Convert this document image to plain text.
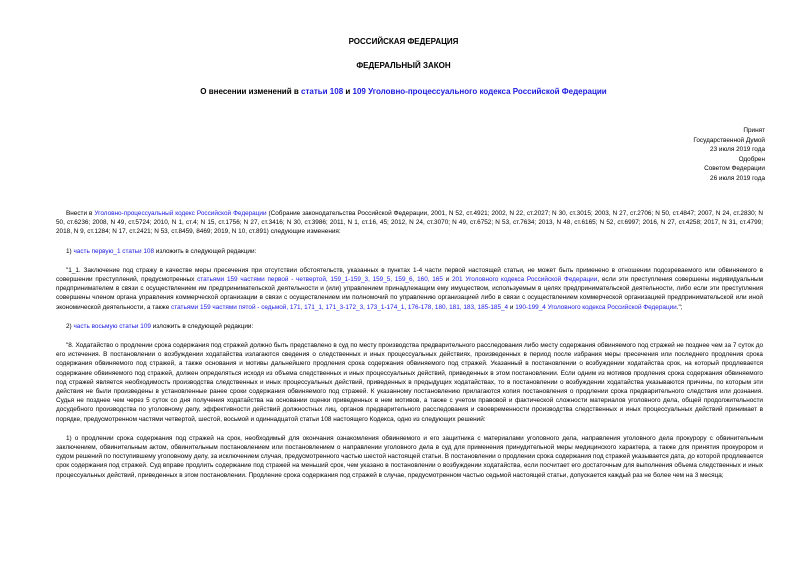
РОССИЙСКАЯ ФЕДЕРАЦИЯ
ФЕДЕРАЛЬНЫЙ ЗАКОН
О внесении изменений в статьи 108 и 109 Уголовно-процессуального кодекса Российской Федерации
Принят
Государственной Думой
23 июля 2019 года
Одобрен
Советом Федерации
26 июля 2019 года

Внести в Уголовно-процессуальный кодекс Российской Федерации (Собрание законодательства Российской Федерации, 2001, N 52, ст.4921; 2002, N 22, ст.2027; N 30, ст.3015; 2003, N 27, ст.2706; N 50, ст.4847; 2007, N 24, ст.2830; N 50, ст.6236; 2008, N 49, ст.5724; 2010, N 1, ст.4; N 15, ст.1756; N 27, ст.3416; N 30, ст.3986; 2011, N 1, ст.16, 45; 2012, N 24, ст.3070; N 49, ст.6752; N 53, ст.7634; 2013, N 48, ст.6165; N 52, ст.6997; 2016, N 27, ст.4258; 2017, N 31, ст.4799; 2018, N 9, ст.1284; N 17, ст.2421; N 53, ст.8459, 8469; 2019, N 10, ст.891) следующие изменения:

1) часть первую_1 статьи 108 изложить в следующей редакции:

"1_1. Заключение под стражу в качестве меры пресечения при отсутствии обстоятельств, указанных в пунктах 1-4 части первой настоящей статьи, не может быть применено в отношении подозреваемого или обвиняемого в совершении преступлений, предусмотренных статьями 159 частями первой - четвертой, 159_1-159_3, 159_5, 159_6, 160, 165 и 201 Уголовного кодекса Российской Федерации, если эти преступления совершены индивидуальным предпринимателем в связи с осуществлением им предпринимательской деятельности и (или) управлением принадлежащим ему имуществом, используемым в целях предпринимательской деятельности, либо если эти преступления совершены членом органа управления коммерческой организации в связи с осуществлением им полномочий по управлению организацией либо в связи с осуществлением коммерческой организацией предпринимательской или иной экономической деятельности, а также статьями 159 частями пятой - седьмой, 171, 171_1, 171_3-172_3, 173_1-174_1, 176-178, 180, 181, 183, 185-185_4 и 190-199_4 Уголовного кодекса Российской Федерации.";

2) часть восьмую статьи 109 изложить в следующей редакции:

"8. Ходатайство о продлении срока содержания под стражей должно быть представлено в суд по месту производства предварительного расследования либо месту содержания обвиняемого под стражей не позднее чем за 7 суток до его истечения. В постановлении о возбуждении ходатайства излагаются сведения о следственных и иных процессуальных действиях, произведенных в период после избрания меры пресечения или последнего продления срока содержания обвиняемого под стражей, а также основания и мотивы дальнейшего продления срока содержания обвиняемого под стражей. Указанный в постановлении о возбуждении ходатайства срок, на который продлевается содержание обвиняемого под стражей, должен определяться исходя из объема следственных и иных процессуальных действий, приведенных в этом постановлении. Если одним из мотивов продления срока содержания обвиняемого под стражей является необходимость производства следственных и иных процессуальных действий, приведенных в предыдущих ходатайствах, то в постановлении о возбуждении ходатайства указываются причины, по которым эти действия не были произведены в установленные ранее сроки содержания обвиняемого под стражей. К указанному постановлению прилагаются копия постановления о продлении срока предварительного следствия или дознания. Судья не позднее чем через 5 суток со дня получения ходатайства на основании оценки приведенных в нем мотивов, а также с учетом правовой и фактической сложности материалов уголовного дела, общей продолжительности досудебного производства по уголовному делу, эффективности действий должностных лиц, органов предварительного расследования и своевременности производства следственных и иных процессуальных действий принимает в порядке, предусмотренном частями четвертой, шестой, восьмой и одиннадцатой статьи 108 настоящего Кодекса, одно из следующих решений:

1) о продлении срока содержания под стражей на срок, необходимый для окончания ознакомления обвиняемого и его защитника с материалами уголовного дела, направления уголовного дела прокурору с обвинительным заключением, обвинительным актом, обвинительным постановлением или постановлением о направлении уголовного дела в суд для применения принудительной меры медицинского характера, а также для принятия прокурором и судом решений по поступившему уголовному делу, за исключением случая, предусмотренного частью шестой настоящей статьи. В постановлении о продлении срока содержания под стражей указывается дата, до которой продлевается срок содержания под стражей. Суд вправе продлить содержание под стражей на меньший срок, чем указано в постановлении о возбуждении ходатайства, если посчитает его достаточным для выполнения объема следственных и иных процессуальных действий, приведенных в этом постановлении. Продление срока содержания под стражей в случае, предусмотренном частью седьмой настоящей статьи, допускается каждый раз не более чем на 3 месяца;
